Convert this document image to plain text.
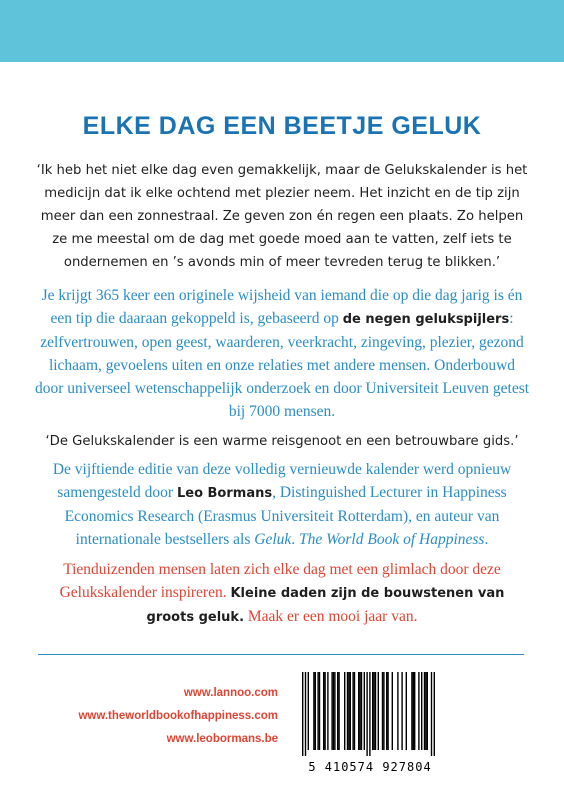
ELKE DAG EEN BEETJE GELUK
‘Ik heb het niet elke dag even gemakkelijk, maar de Gelukskalender is het medicijn dat ik elke ochtend met plezier neem. Het inzicht en de tip zijn meer dan een zonnestraal. Ze geven zon én regen een plaats. Zo helpen ze me meestal om de dag met goede moed aan te vatten, zelf iets te ondernemen en ’s avonds min of meer tevreden terug te blikken.’
Je krijgt 365 keer een originele wijsheid van iemand die op die dag jarig is én een tip die daaraan gekoppeld is, gebaseerd op de negen gelukspijlers: zelfvertrouwen, open geest, waarderen, veerkracht, zingeving, plezier, gezond lichaam, gevoelens uiten en onze relaties met andere mensen. Onderbouwd door universeel wetenschappelijk onderzoek en door Universiteit Leuven getest bij 7000 mensen.
‘De Gelukskalender is een warme reisgenoot en een betrouwbare gids.’
De vijftiende editie van deze volledig vernieuwde kalender werd opnieuw samengesteld door Leo Bormans, Distinguished Lecturer in Happiness Economics Research (Erasmus Universiteit Rotterdam), en auteur van internationale bestsellers als Geluk. The World Book of Happiness.
Tienduizenden mensen laten zich elke dag met een glimlach door deze Gelukskalender inspireren. Kleine daden zijn de bouwstenen van groots geluk. Maak er een mooi jaar van.
www.lannoo.com
www.theworldbookofhappiness.com
www.leobormans.be
5 410574 927804
